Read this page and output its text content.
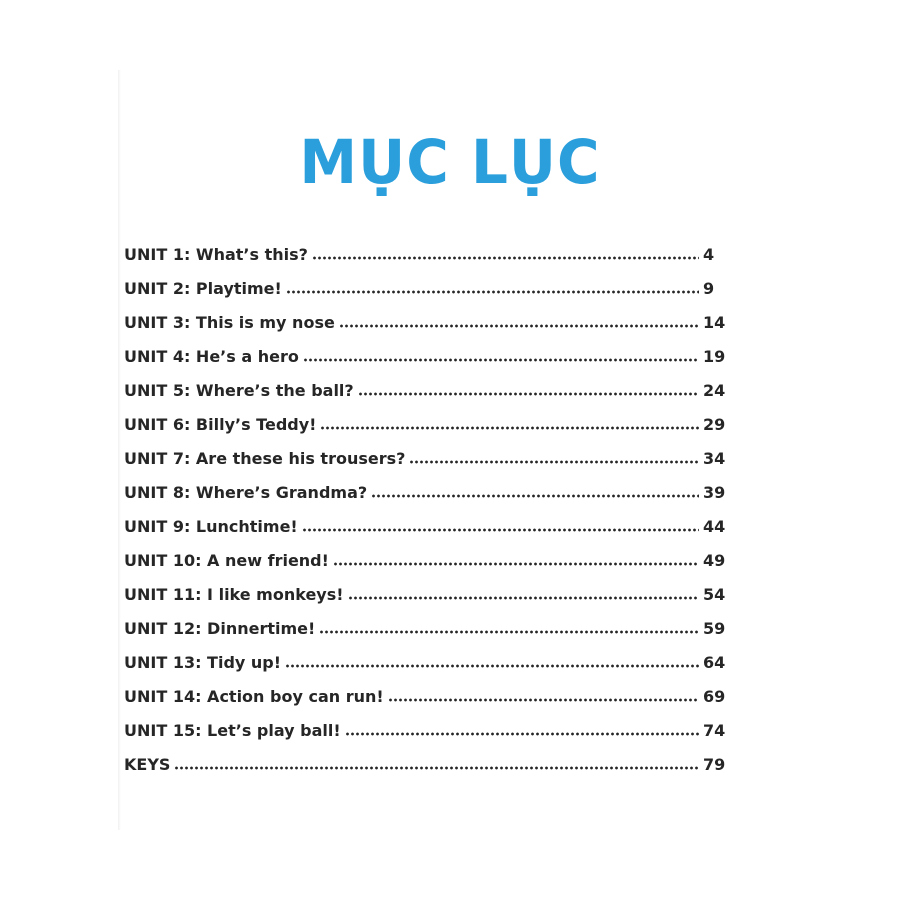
MỤC LỤC
UNIT 1: What’s this?	4
UNIT 2: Playtime!	9
UNIT 3: This is my nose	14
UNIT 4: He’s a hero	19
UNIT 5: Where’s the ball?	24
UNIT 6: Billy’s Teddy!	29
UNIT 7: Are these his trousers?	34
UNIT 8: Where’s Grandma?	39
UNIT 9: Lunchtime!	44
UNIT 10: A new friend!	49
UNIT 11: I like monkeys!	54
UNIT 12: Dinnertime!	59
UNIT 13: Tidy up!	64
UNIT 14: Action boy can run!	69
UNIT 15: Let’s play ball!	74
KEYS	79
